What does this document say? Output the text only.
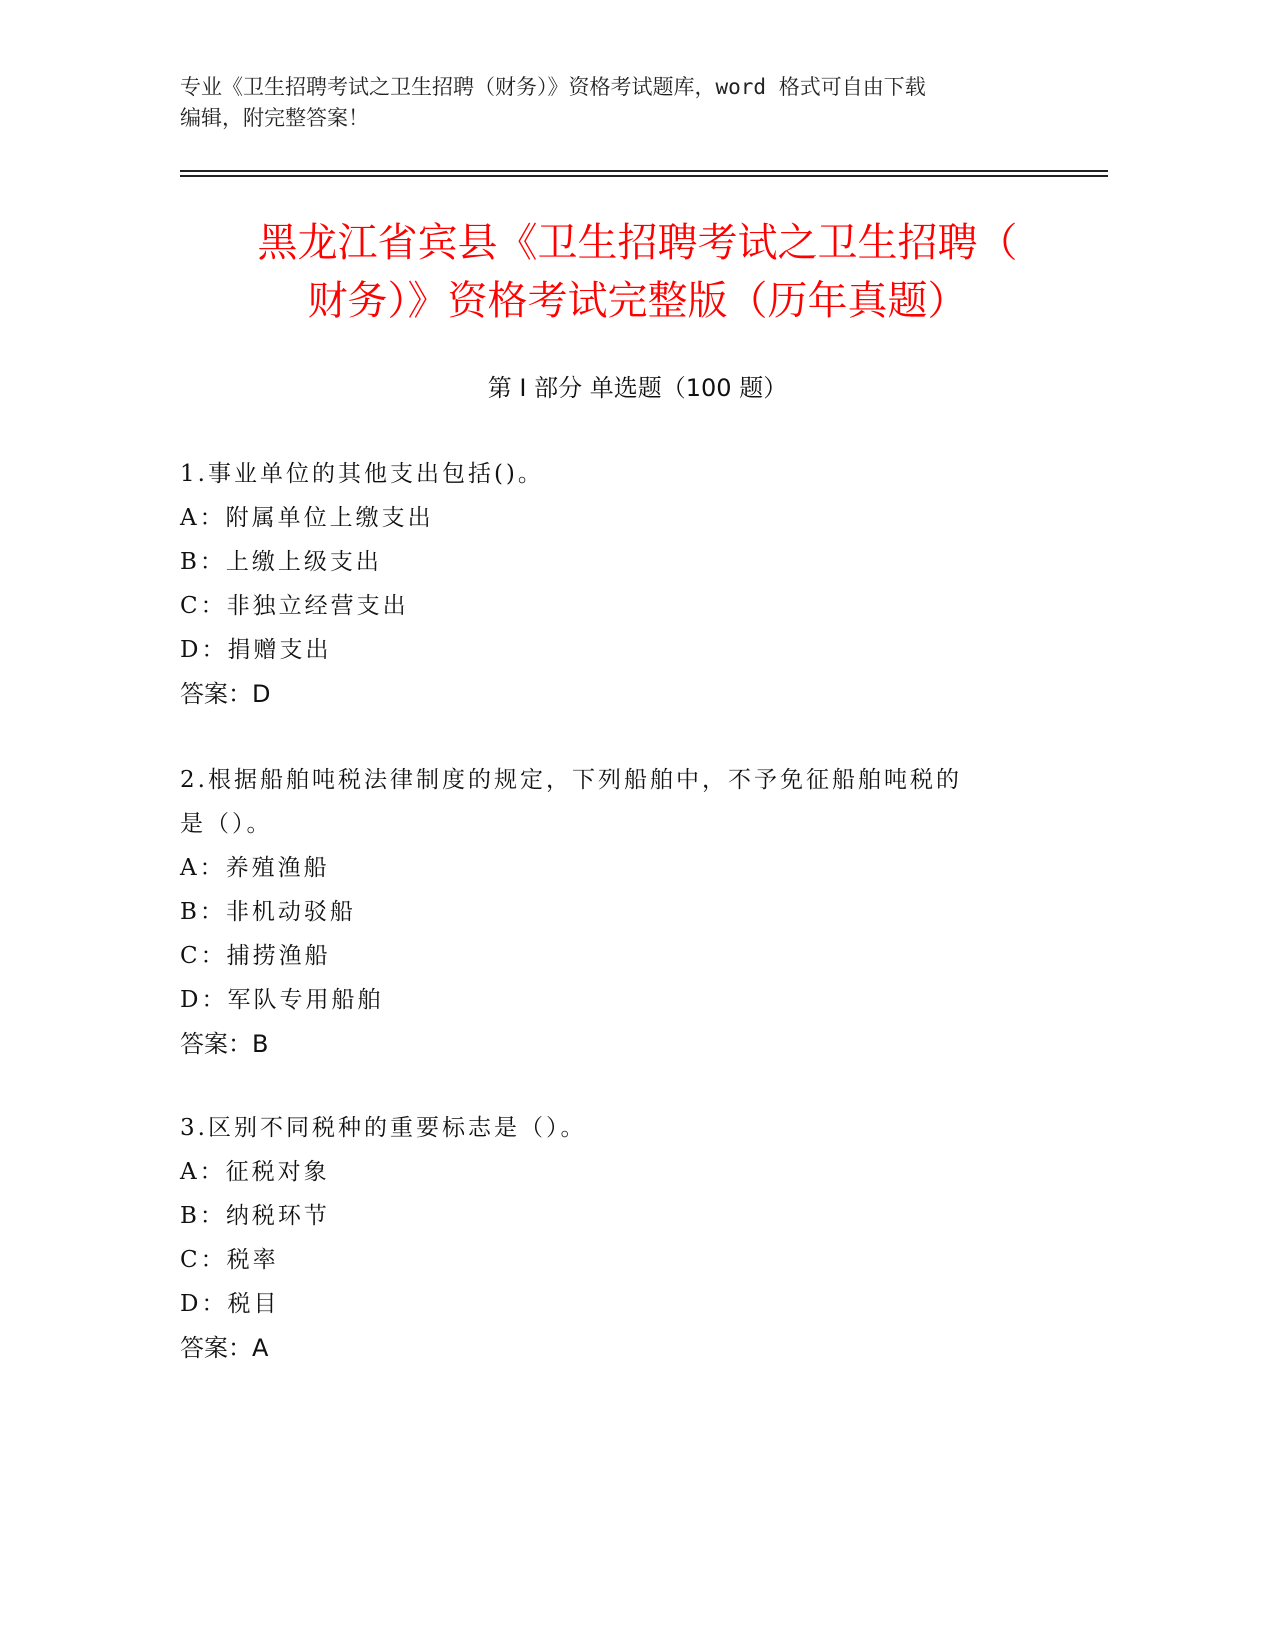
专业《卫生招聘考试之卫生招聘（财务）》资格考试题库，word 格式可自由下载
编辑，附完整答案！
黑龙江省宾县《卫生招聘考试之卫生招聘（
财务）》资格考试完整版（历年真题）
第 I 部分 单选题（100 题）
1.事业单位的其他支出包括()。
A：附属单位上缴支出
B：上缴上级支出
C：非独立经营支出
D：捐赠支出
答案：D
2.根据船舶吨税法律制度的规定，下列船舶中，不予免征船舶吨税的
是（）。
A：养殖渔船
B：非机动驳船
C：捕捞渔船
D：军队专用船舶
答案：B
3.区别不同税种的重要标志是（）。
A：征税对象
B：纳税环节
C：税率
D：税目
答案：A
